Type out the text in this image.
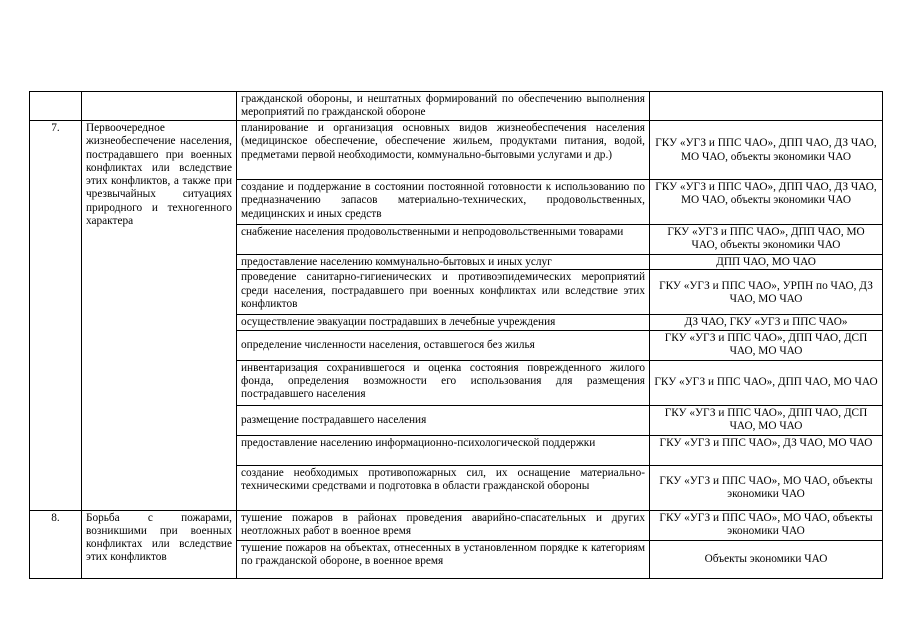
		гражданской обороны, и нештатных формирований по обеспечению выполнения мероприятий по гражданской обороне	
7.	Первоочередное жизнеобеспечение населения, пострадавшего при военных конфликтах или вследствие этих конфликтов, а также при чрезвычайных ситуациях природного и техногенного характера	планирование и организация основных видов жизнеобеспечения населения (медицинское обеспечение, обеспечение жильем, продуктами питания, водой, предметами первой необходимости, коммунально-бытовыми услугами и др.)	ГКУ «УГЗ и ППС ЧАО», ДПП ЧАО, ДЗ ЧАО, МО ЧАО, объекты экономики ЧАО
		создание и поддержание в состоянии постоянной готовности к использованию по предназначению запасов материально-технических, продовольственных, медицинских и иных средств	ГКУ «УГЗ и ППС ЧАО», ДПП ЧАО, ДЗ ЧАО, МО ЧАО, объекты экономики ЧАО
		снабжение населения продовольственными и непродовольственными товарами	ГКУ «УГЗ и ППС ЧАО», ДПП ЧАО, МО ЧАО, объекты экономики ЧАО
		предоставление населению коммунально-бытовых и иных услуг	ДПП ЧАО, МО ЧАО
		проведение санитарно-гигиенических и противоэпидемических мероприятий среди населения, пострадавшего при военных конфликтах или вследствие этих конфликтов	ГКУ «УГЗ и ППС ЧАО», УРПН по ЧАО, ДЗ ЧАО, МО ЧАО
		осуществление эвакуации пострадавших в лечебные учреждения	ДЗ ЧАО, ГКУ «УГЗ и ППС ЧАО»
		определение численности населения, оставшегося без жилья	ГКУ «УГЗ и ППС ЧАО», ДПП ЧАО, ДСП ЧАО, МО ЧАО
		инвентаризация сохранившегося и оценка состояния поврежденного жилого фонда, определения возможности его использования для размещения пострадавшего населения	ГКУ «УГЗ и ППС ЧАО», ДПП ЧАО, МО ЧАО
		размещение пострадавшего населения	ГКУ «УГЗ и ППС ЧАО», ДПП ЧАО, ДСП ЧАО, МО ЧАО
		предоставление населению информационно-психологической поддержки	ГКУ «УГЗ и ППС ЧАО», ДЗ ЧАО, МО ЧАО
		создание необходимых противопожарных сил, их оснащение материально-техническими средствами и подготовка в области гражданской обороны	ГКУ «УГЗ и ППС ЧАО», МО ЧАО, объекты экономики ЧАО
8.	Борьба с пожарами, возникшими при военных конфликтах или вследствие этих конфликтов	тушение пожаров в районах проведения аварийно-спасательных и других неотложных работ в военное время	ГКУ «УГЗ и ППС ЧАО», МО ЧАО, объекты экономики ЧАО
		тушение пожаров на объектах, отнесенных в установленном порядке к категориям по гражданской обороне, в военное время	Объекты экономики ЧАО
